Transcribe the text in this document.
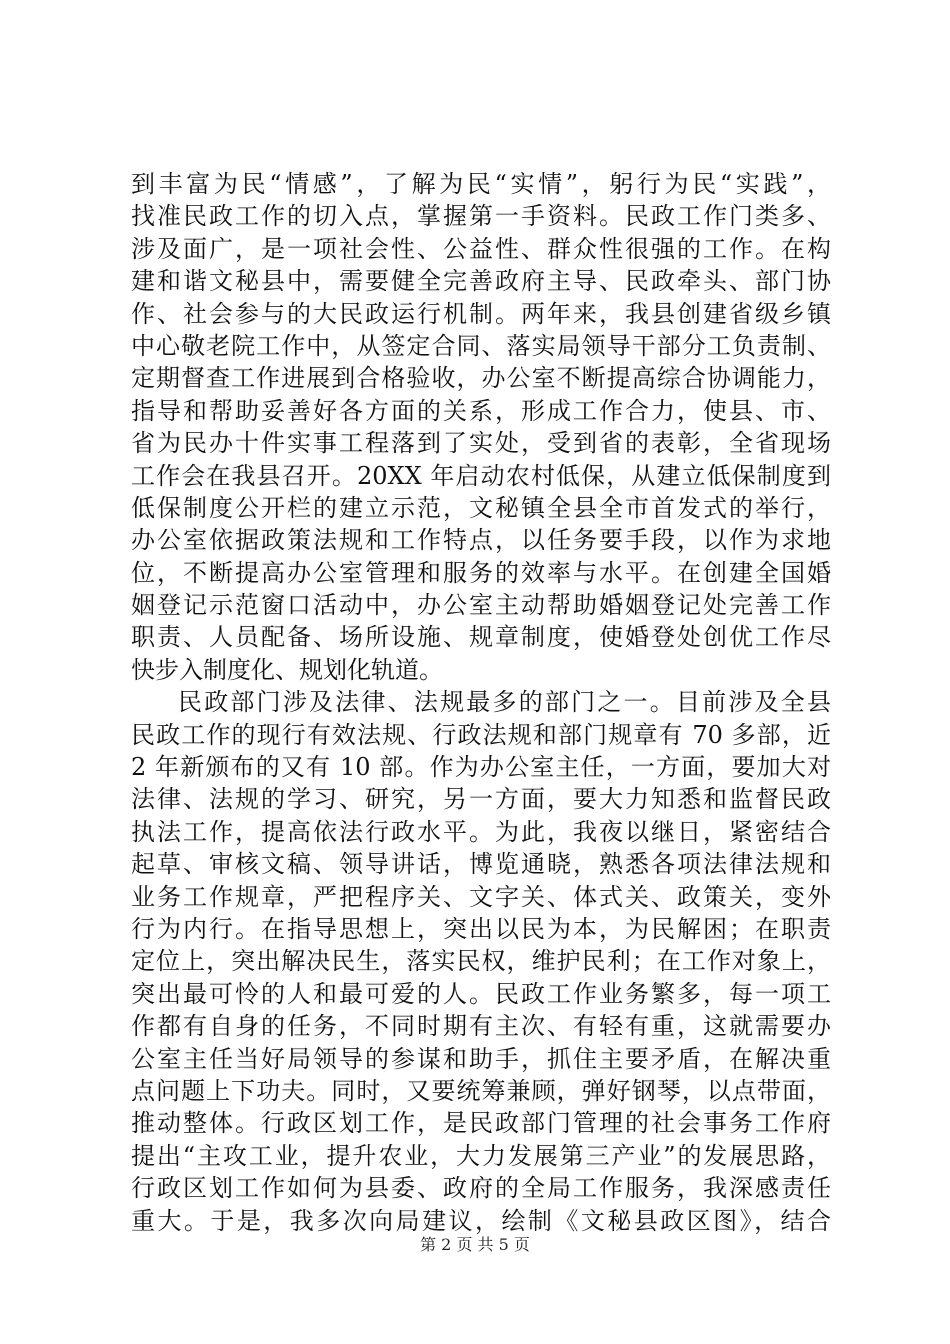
到丰富为民“情感”，了解为民“实情”，躬行为民“实践”，
找准民政工作的切入点，掌握第一手资料。民政工作门类多、
涉及面广，是一项社会性、公益性、群众性很强的工作。在构
建和谐文秘县中，需要健全完善政府主导、民政牵头、部门协
作、社会参与的大民政运行机制。两年来，我县创建省级乡镇
中心敬老院工作中，从签定合同、落实局领导干部分工负责制、
定期督查工作进展到合格验收，办公室不断提高综合协调能力，
指导和帮助妥善好各方面的关系，形成工作合力，使县、市、
省为民办十件实事工程落到了实处，受到省的表彰，全省现场
工作会在我县召开。20XX 年启动农村低保，从建立低保制度到
低保制度公开栏的建立示范，文秘镇全县全市首发式的举行，
办公室依据政策法规和工作特点，以任务要手段，以作为求地
位，不断提高办公室管理和服务的效率与水平。在创建全国婚
姻登记示范窗口活动中，办公室主动帮助婚姻登记处完善工作
职责、人员配备、场所设施、规章制度，使婚登处创优工作尽
快步入制度化、规划化轨道。
民政部门涉及法律、法规最多的部门之一。目前涉及全县
民政工作的现行有效法规、行政法规和部门规章有 70 多部，近
2 年新颁布的又有 10 部。作为办公室主任，一方面，要加大对
法律、法规的学习、研究，另一方面，要大力知悉和监督民政
执法工作，提高依法行政水平。为此，我夜以继日，紧密结合
起草、审核文稿、领导讲话，博览通晓，熟悉各项法律法规和
业务工作规章，严把程序关、文字关、体式关、政策关，变外
行为内行。在指导思想上，突出以民为本，为民解困；在职责
定位上，突出解决民生，落实民权，维护民利；在工作对象上，
突出最可怜的人和最可爱的人。民政工作业务繁多，每一项工
作都有自身的任务，不同时期有主次、有轻有重，这就需要办
公室主任当好局领导的参谋和助手，抓住主要矛盾，在解决重
点问题上下功夫。同时，又要统筹兼顾，弹好钢琴，以点带面，
推动整体。行政区划工作，是民政部门管理的社会事务工作府
提出“主攻工业，提升农业，大力发展第三产业”的发展思路，
行政区划工作如何为县委、政府的全局工作服务，我深感责任
重大。于是，我多次向局建议，绘制《文秘县政区图》，结合
第 2 页 共 5 页
